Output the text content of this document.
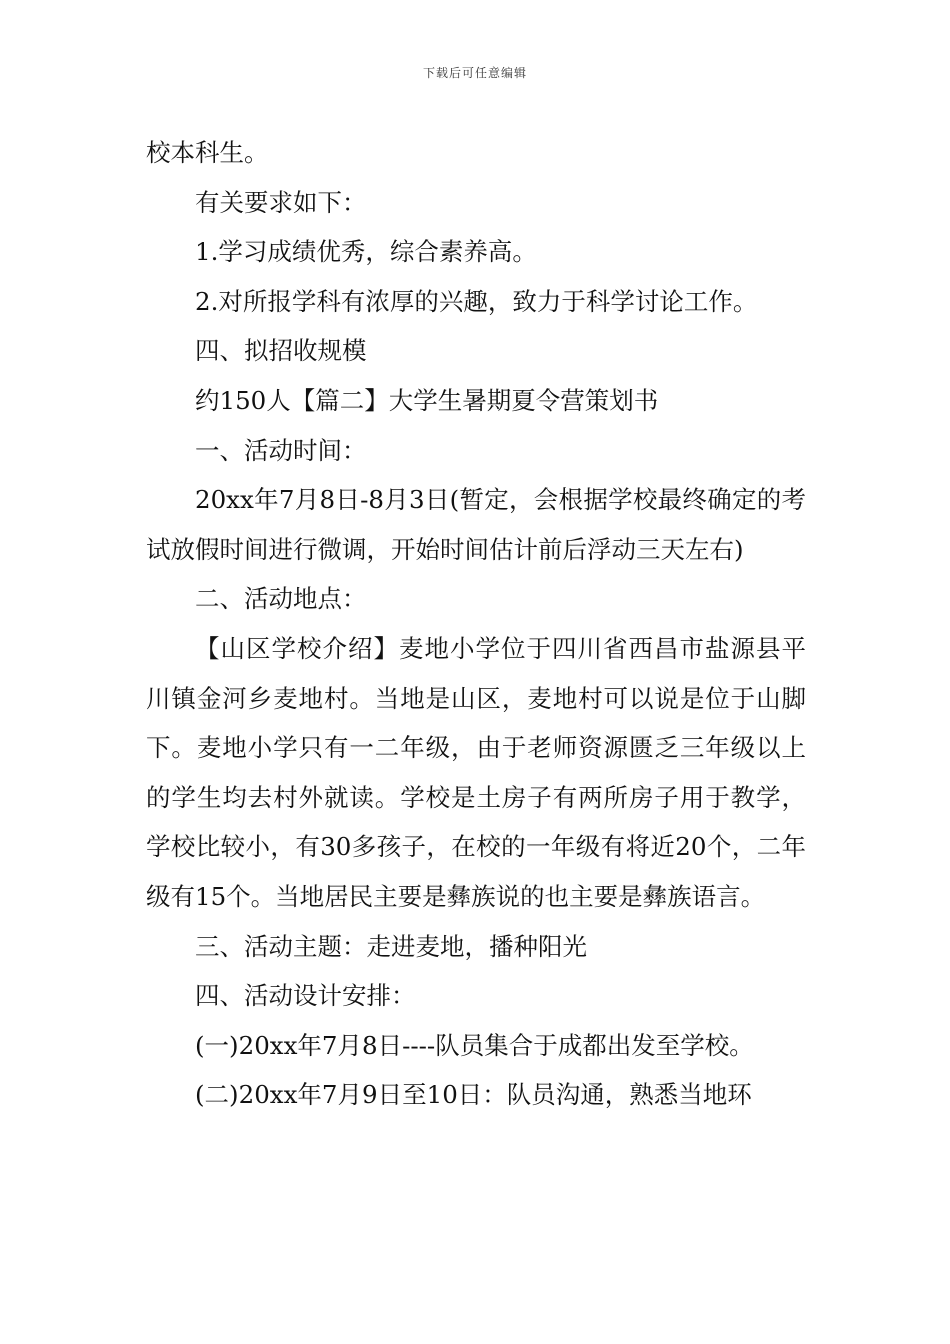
下载后可任意编辑

校本科生。

有关要求如下：

1.学习成绩优秀，综合素养高。

2.对所报学科有浓厚的兴趣，致力于科学讨论工作。

四、拟招收规模

约150人【篇二】大学生暑期夏令营策划书

一、活动时间：

20xx年7月8日-8月3日(暂定，会根据学校最终确定的考试放假时间进行微调，开始时间估计前后浮动三天左右)

二、活动地点：

【山区学校介绍】麦地小学位于四川省西昌市盐源县平川镇金河乡麦地村。当地是山区，麦地村可以说是位于山脚下。麦地小学只有一二年级，由于老师资源匮乏三年级以上的学生均去村外就读。学校是土房子有两所房子用于教学，学校比较小，有30多孩子，在校的一年级有将近20个，二年级有15个。当地居民主要是彝族说的也主要是彝族语言。

三、活动主题：走进麦地，播种阳光

四、活动设计安排：

(一)20xx年7月8日----队员集合于成都出发至学校。

(二)20xx年7月9日至10日：队员沟通，熟悉当地环
